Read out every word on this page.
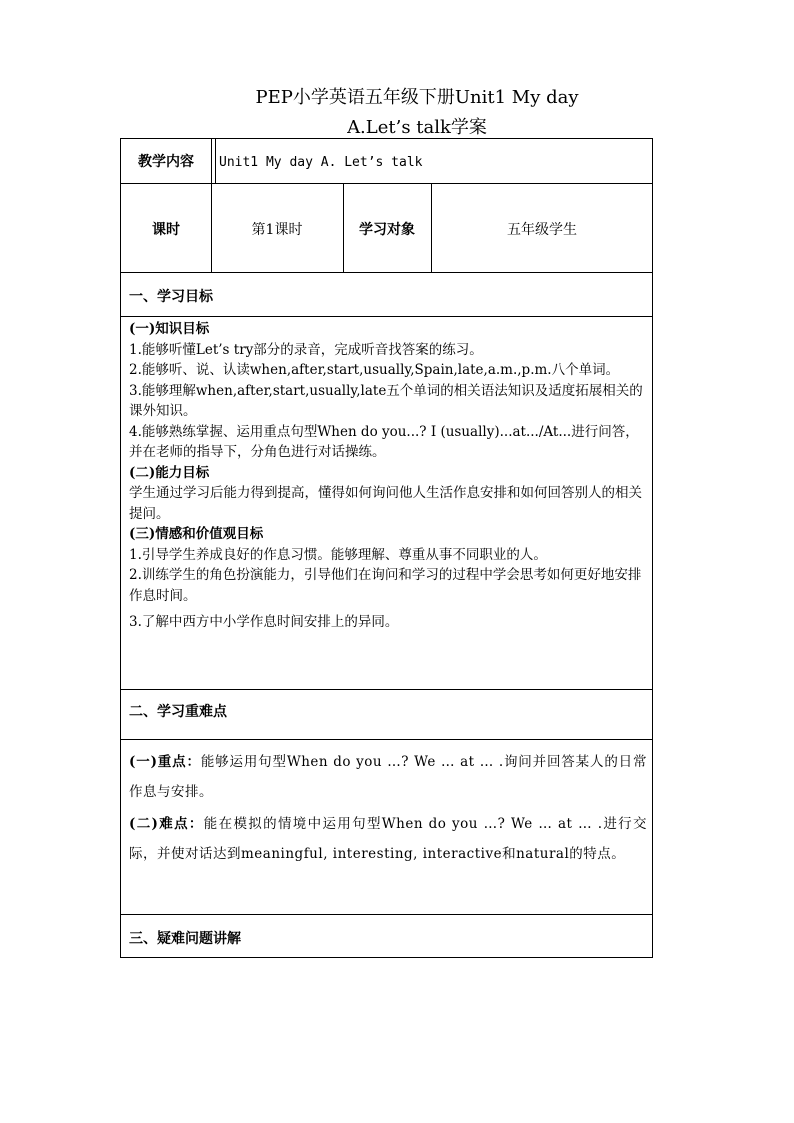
PEP小学英语五年级下册Unit1 My day
A.Let’s talk学案
教学内容	Unit1 My day A. Let’s talk
课时	第1课时	学习对象	五年级学生
一、学习目标

(一)知识目标

1.能够听懂Let’s try部分的录音，完成听音找答案的练习。

2.能够听、说、认读when,after,start,usually,Spain,late,a.m.,p.m.八个单词。

3.能够理解when,after,start,usually,late五个单词的相关语法知识及适度拓展相关的课外知识。

4.能够熟练掌握、运用重点句型When do you...? I (usually)...at.../At...进行问答，并在老师的指导下，分角色进行对话操练。

(二)能力目标

学生通过学习后能力得到提高，懂得如何询问他人生活作息安排和如何回答别人的相关提问。

(三)情感和价值观目标

1.引导学生养成良好的作息习惯。能够理解、尊重从事不同职业的人。

2.训练学生的角色扮演能力，引导他们在询问和学习的过程中学会思考如何更好地安排作息时间。

3.了解中西方中小学作息时间安排上的异同。

二、学习重难点

(一)重点：能够运用句型When do you …? We … at … .询问并回答某人的日常作息与安排。

(二)难点：能在模拟的情境中运用句型When do you …? We … at … .进行交际，并使对话达到meaningful, interesting, interactive和natural的特点。

三、疑难问题讲解
